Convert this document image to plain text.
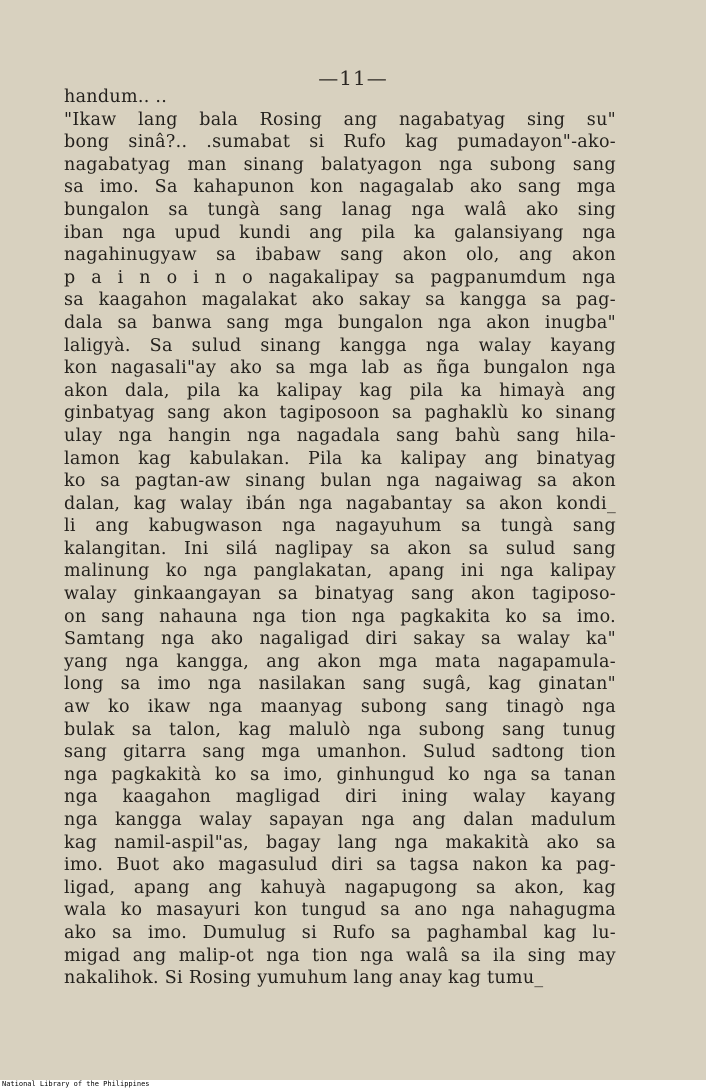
—11—
handum.. ..
"Ikaw lang bala Rosing ang nagabatyag sing su"
bong sinâ?.. .sumabat si Rufo kag pumadayon"-ako-
nagabatyag man sinang balatyagon nga subong sang
sa imo. Sa kahapunon kon nagagalab ako sang mga
bungalon sa tungà sang lanag nga walâ ako sing
iban nga upud kundi ang pila ka galansiyang nga
nagahinugyaw sa ibabaw sang akon olo, ang akon
p a i n o i n o nagakalipay sa pagpanumdum nga
sa kaagahon magalakat ako sakay sa kangga sa pag-
dala sa banwa sang mga bungalon nga akon inugba"
laligyà. Sa sulud sinang kangga nga walay kayang
kon nagasali"ay ako sa mga lab as ñga bungalon nga
akon dala, pila ka kalipay kag pila ka himayà ang
ginbatyag sang akon tagiposoon sa paghaklù ko sinang
ulay nga hangin nga nagadala sang bahù sang hila-
lamon kag kabulakan. Pila ka kalipay ang binatyag
ko sa pagtan-aw sinang bulan nga nagaiwag sa akon
dalan, kag walay ibán nga nagabantay sa akon kondi_
li ang kabugwason nga nagayuhum sa tungà sang
kalangitan. Ini silá naglipay sa akon sa sulud sang
malinung ko nga panglakatan, apang ini nga kalipay
walay ginkaangayan sa binatyag sang akon tagiposo-
on sang nahauna nga tion nga pagkakita ko sa imo.
Samtang nga ako nagaligad diri sakay sa walay ka"
yang nga kangga, ang akon mga mata nagapamula-
long sa imo nga nasilakan sang sugâ, kag ginatan"
aw ko ikaw nga maanyag subong sang tinagò nga
bulak sa talon, kag malulò nga subong sang tunug
sang gitarra sang mga umanhon. Sulud sadtong tion
nga pagkakità ko sa imo, ginhungud ko nga sa tanan
nga kaagahon magligad diri ining walay kayang
nga kangga walay sapayan nga ang dalan madulum
kag namil-aspil"as, bagay lang nga makakità ako sa
imo. Buot ako magasulud diri sa tagsa nakon ka pag-
ligad, apang ang kahuyà nagapugong sa akon, kag
wala ko masayuri kon tungud sa ano nga nahagugma
ako sa imo. Dumulug si Rufo sa paghambal kag lu-
migad ang malip-ot nga tion nga walâ sa ila sing may
nakalihok. Si Rosing yumuhum lang anay kag tumu_
National Library of the Philippines
